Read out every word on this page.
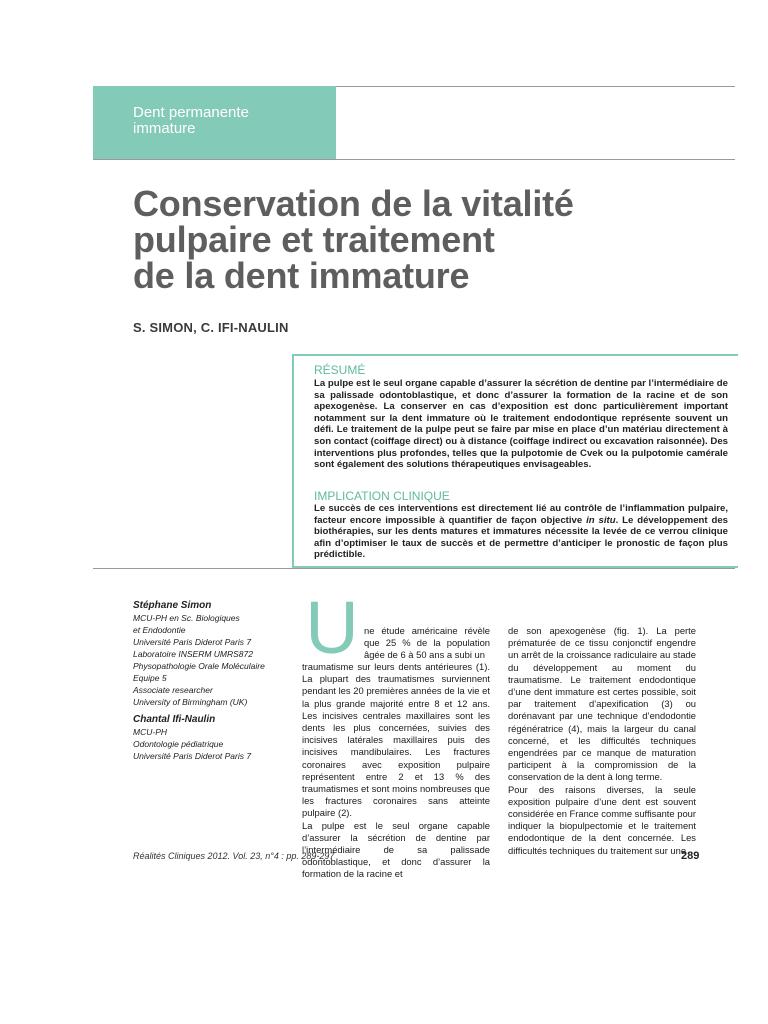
Dent permanente
immature
Conservation de la vitalité
pulpaire et traitement
de la dent immature

S. SIMON, C. IFI-NAULIN

RÉSUMÉ

La pulpe est le seul organe capable d’assurer la sécrétion de dentine par l’intermédiaire de sa palissade odontoblastique, et donc d’assurer la formation de la racine et de son apexogenèse. La conserver en cas d’exposition est donc particulièrement important notamment sur la dent immature où le traitement endodontique représente souvent un défi. Le traitement de la pulpe peut se faire par mise en place d’un matériau directement à son contact (coiffage direct) ou à distance (coiffage indirect ou excavation raisonnée). Des interventions plus profondes, telles que la pulpotomie de Cvek ou la pulpotomie camérale sont également des solutions thérapeutiques envisageables.

IMPLICATION CLINIQUE

Le succès de ces interventions est directement lié au contrôle de l’inflammation pulpaire, facteur encore impossible à quantifier de façon objective in situ. Le développement des biothérapies, sur les dents matures et immatures nécessite la levée de ce verrou clinique afin d’optimiser le taux de succès et de permettre d’anticiper le pronostic de façon plus prédictible.

Stéphane Simon
MCU-PH en Sc. Biologiques
et Endodontie
Université Paris Diderot Paris 7
Laboratoire INSERM UMRS872
Physopathologie Orale Moléculaire
Equipe 5
Associate researcher
University of Birmingham (UK)
Chantal Ifi-Naulin
MCU-PH
Odontologie pédiatrique
Université Paris Diderot Paris 7
U ne étude américaine révèle que 25 % de la population âgée de 6 à 50 ans a subi un

traumatisme sur leurs dents antérieures (1). La plupart des traumatismes surviennent pendant les 20 premières années de la vie et la plus grande majorité entre 8 et 12 ans. Les incisives centrales maxillaires sont les dents les plus concernées, suivies des incisives latérales maxillaires puis des incisives mandibulaires. Les fractures coronaires avec exposition pulpaire représentent entre 2 et 13 % des traumatismes et sont moins nombreuses que les fractures coronaires sans atteinte pulpaire (2).

La pulpe est le seul organe capable d’assurer la sécrétion de dentine par l’intermédiaire de sa palissade odontoblastique, et donc d’assurer la formation de la racine et

de son apexogenèse (fig. 1). La perte prématurée de ce tissu conjonctif engendre un arrêt de la croissance radiculaire au stade du développement au moment du traumatisme. Le traitement endodontique d’une dent immature est certes possible, soit par traitement d’apexification (3) ou dorénavant par une technique d’endodontie régénératrice (4), mais la largeur du canal concerné, et les difficultés techniques engendrées par ce manque de maturation participent à la compromission de la conservation de la dent à long terme.

Pour des raisons diverses, la seule exposition pulpaire d’une dent est souvent considérée en France comme suffisante pour indiquer la biopulpectomie et le traitement endodontique de la dent concernée. Les difficultés techniques du traitement sur une

Réalités Cliniques 2012. Vol. 23, n°4 : pp. 289-297	289
